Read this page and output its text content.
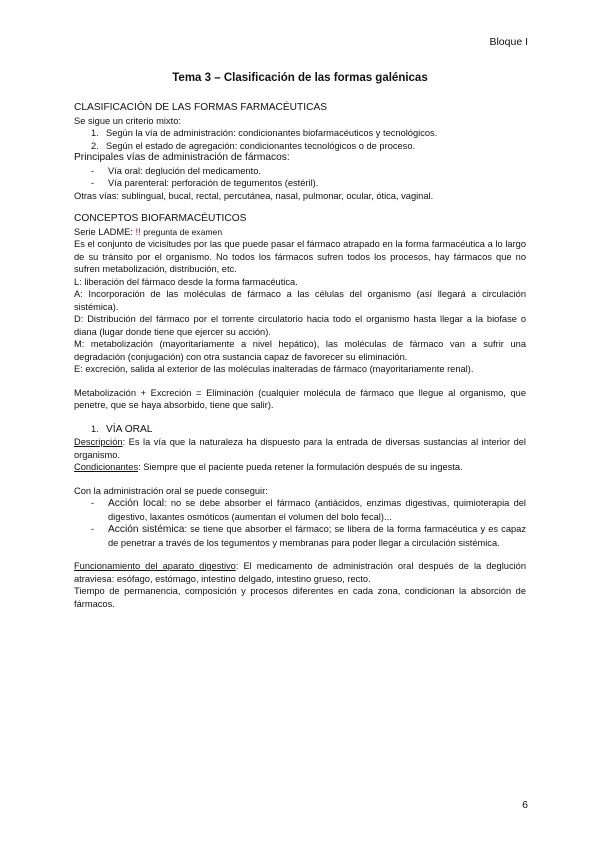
Bloque I

Tema 3 – Clasificación de las formas galénicas

CLASIFICACIÓN DE LAS FORMAS FARMACÉUTICAS

Se sigue un criterio mixto:

1. Según la vía de administración: condicionantes biofarmacéuticos y tecnológicos.
2. Según el estado de agregación: condicionantes tecnológicos o de proceso.

Principales vías de administración de fármacos:

- Vía oral: deglución del medicamento.
- Vía parenteral: perforación de tegumentos (estéril).

Otras vías: sublingual, bucal, rectal, percutánea, nasal, pulmonar, ocular, ótica, vaginal.

CONCEPTOS BIOFARMACÉUTICOS

Serie LADME: !! pregunta de examen

Es el conjunto de vicisitudes por las que puede pasar el fármaco atrapado en la forma farmacéutica a lo largo de su tránsito por el organismo. No todos los fármacos sufren todos los procesos, hay fármacos que no sufren metabolización, distribución, etc.

L: liberación del fármaco desde la forma farmacéutica.

A: Incorporación de las moléculas de fármaco a las células del organismo (así llegará a circulación sistémica).

D: Distribución del fármaco por el torrente circulatorio hacia todo el organismo hasta llegar a la biofase o diana (lugar donde tiene que ejercer su acción).

M: metabolización (mayoritariamente a nivel hepático), las moléculas de fármaco van a sufrir una degradación (conjugación) con otra sustancia capaz de favorecer su eliminación.

E: excreción, salida al exterior de las moléculas inalteradas de fármaco (mayoritariamente renal).

Metabolización + Excreción = Eliminación (cualquier molécula de fármaco que llegue al organismo, que penetre, que se haya absorbido, tiene que salir).

1. VÍA ORAL

Descripción: Es la vía que la naturaleza ha dispuesto para la entrada de diversas sustancias al interior del organismo.

Condicionantes: Siempre que el paciente pueda retener la formulación después de su ingesta.

Con la administración oral se puede conseguir:

- Acción local: no se debe absorber el fármaco (antiácidos, enzimas digestivas, quimioterapia del digestivo, laxantes osmóticos (aumentan el volumen del bolo fecal)...
- Acción sistémica: se tiene que absorber el fármaco; se libera de la forma farmacéutica y es capaz de penetrar a través de los tegumentos y membranas para poder llegar a circulación sistémica.

Funcionamiento del aparato digestivo: El medicamento de administración oral después de la deglución atraviesa: esófago, estómago, intestino delgado, intestino grueso, recto.

Tiempo de permanencia, composición y procesos diferentes en cada zona, condicionan la absorción de fármacos.

6
